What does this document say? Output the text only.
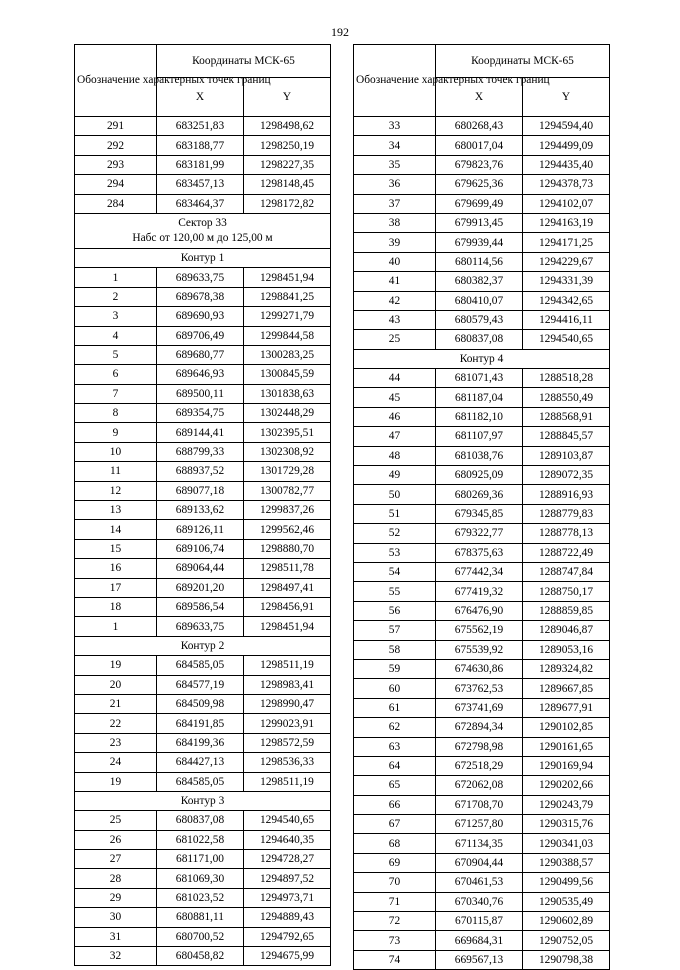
192
Обозначение характерных точек границ	Координаты МСК-65	
	X	Y
291	683251,83	1298498,62
292	683188,77	1298250,19
293	683181,99	1298227,35
294	683457,13	1298148,45
284	683464,37	1298172,82
Сектор 33
Набс от 120,00 м до 125,00 м		
Контур 1		
1	689633,75	1298451,94
2	689678,38	1298841,25
3	689690,93	1299271,79
4	689706,49	1299844,58
5	689680,77	1300283,25
6	689646,93	1300845,59
7	689500,11	1301838,63
8	689354,75	1302448,29
9	689144,41	1302395,51
10	688799,33	1302308,92
11	688937,52	1301729,28
12	689077,18	1300782,77
13	689133,62	1299837,26
14	689126,11	1299562,46
15	689106,74	1298880,70
16	689064,44	1298511,78
17	689201,20	1298497,41
18	689586,54	1298456,91
1	689633,75	1298451,94
Контур 2		
19	684585,05	1298511,19
20	684577,19	1298983,41
21	684509,98	1298990,47
22	684191,85	1299023,91
23	684199,36	1298572,59
24	684427,13	1298536,33
19	684585,05	1298511,19
Контур 3		
25	680837,08	1294540,65
26	681022,58	1294640,35
27	681171,00	1294728,27
28	681069,30	1294897,52
29	681023,52	1294973,71
30	680881,11	1294889,43
31	680700,52	1294792,65
32	680458,82	1294675,99
Обозначение характерных точек границ	Координаты МСК-65	
	X	Y
33	680268,43	1294594,40
34	680017,04	1294499,09
35	679823,76	1294435,40
36	679625,36	1294378,73
37	679699,49	1294102,07
38	679913,45	1294163,19
39	679939,44	1294171,25
40	680114,56	1294229,67
41	680382,37	1294331,39
42	680410,07	1294342,65
43	680579,43	1294416,11
25	680837,08	1294540,65
Контур 4		
44	681071,43	1288518,28
45	681187,04	1288550,49
46	681182,10	1288568,91
47	681107,97	1288845,57
48	681038,76	1289103,87
49	680925,09	1289072,35
50	680269,36	1288916,93
51	679345,85	1288779,83
52	679322,77	1288778,13
53	678375,63	1288722,49
54	677442,34	1288747,84
55	677419,32	1288750,17
56	676476,90	1288859,85
57	675562,19	1289046,87
58	675539,92	1289053,16
59	674630,86	1289324,82
60	673762,53	1289667,85
61	673741,69	1289677,91
62	672894,34	1290102,85
63	672798,98	1290161,65
64	672518,29	1290169,94
65	672062,08	1290202,66
66	671708,70	1290243,79
67	671257,80	1290315,76
68	671134,35	1290341,03
69	670904,44	1290388,57
70	670461,53	1290499,56
71	670340,76	1290535,49
72	670115,87	1290602,89
73	669684,31	1290752,05
74	669567,13	1290798,38
